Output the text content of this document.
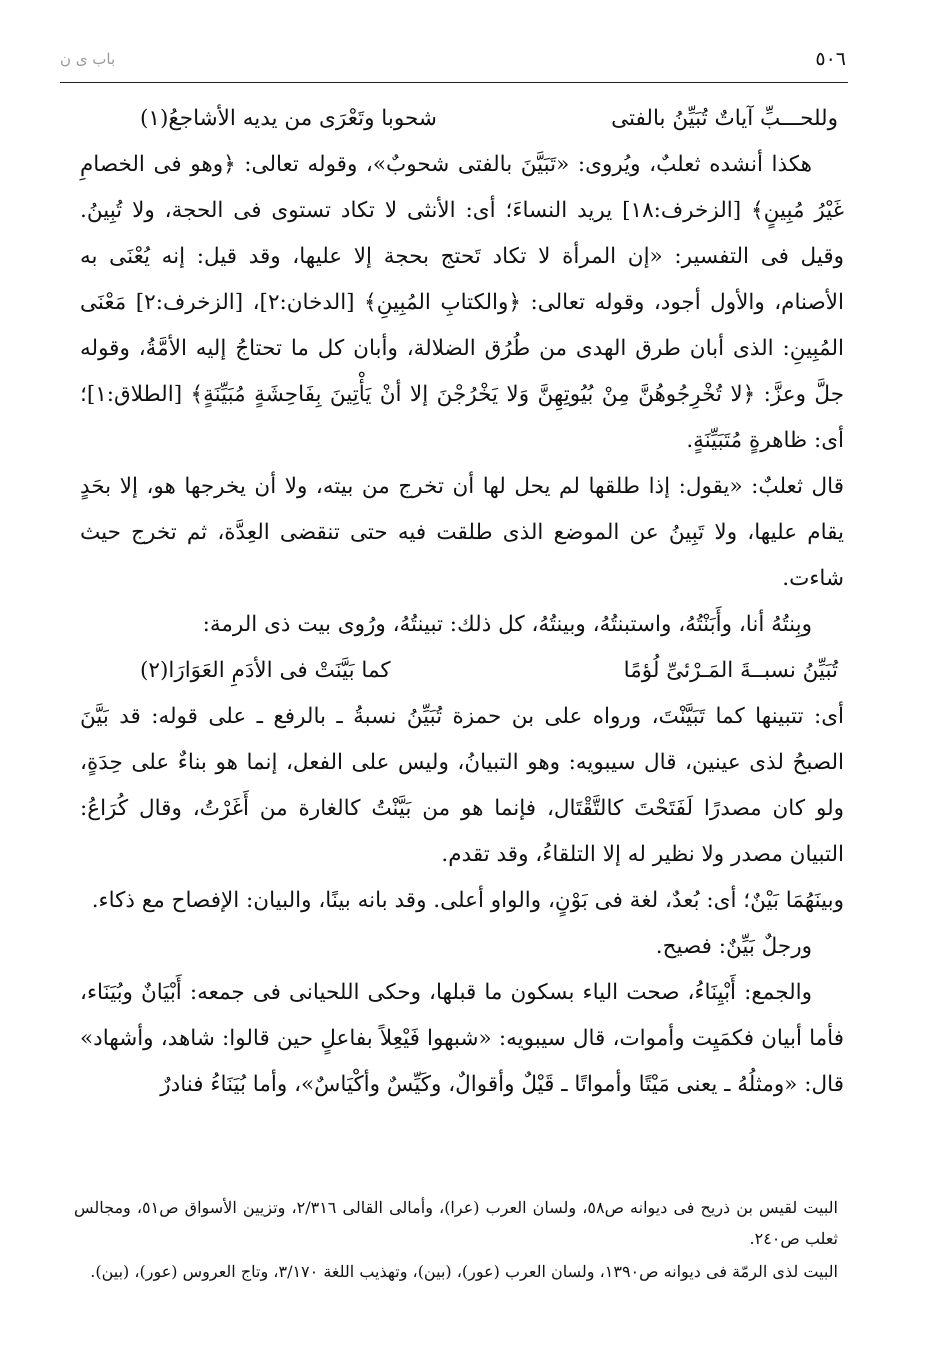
٥٠٦
باب ى ن
وللحـــبِّ آياتٌ تُبَيِّنُ بالفتى
شحوبا وتَعْرَى من يديه الأشاجعُ(١)

هكذا أنشده ثعلبٌ، ويُروى: «تَبَيَّنَ بالفتى شحوبٌ»، وقوله تعالى: ﴿وهو فى الخصامِ غَيْرُ مُبِينٍ﴾ [الزخرف:١٨] يريد النساءَ؛ أى: الأنثى لا تكاد تستوى فى الحجة، ولا تُبِينُ. وقيل فى التفسير: «إن المرأة لا تكاد تَحتج بحجة إلا عليها، وقد قيل: إنه يُعْنَى به الأصنام، والأول أجود، وقوله تعالى: ﴿والكتابِ المُبِينِ﴾ [الدخان:٢]، [الزخرف:٢] مَعْنَى المُبِينِ: الذى أبان طرق الهدى من طُرُق الضلالة، وأبان كل ما تحتاجُ إليه الأمَّةُ، وقوله جلَّ وعزَّ: ﴿لا تُخْرِجُوهُنَّ مِنْ بُيُوتِهِنَّ وَلا يَخْرُجْنَ إلا أنْ يَأْتِينَ بِفَاحِشَةٍ مُبَيِّنَةٍ﴾ [الطلاق:١]؛ أى: ظاهرةٍ مُتَبَيِّنَةٍ.

قال ثعلبٌ: «يقول: إذا طلقها لم يحل لها أن تخرج من بيته، ولا أن يخرجها هو، إلا بحَدٍ يقام عليها، ولا تَبِينُ عن الموضع الذى طلقت فيه حتى تنقضى العِدَّة، ثم تخرج حيث شاءت.

وبِنتُهُ أنا، وأَبَنْتُهُ، واستبنتُهُ، وبينتُهُ، كل ذلك: تبينتُهُ، ورُوى بيت ذى الرمة:

تُبَيِّنُ نسبــةَ المَـرْئىِّ لُؤمًا
كما بَيَّنَتْ فى الأدَمِ العَوَارَا(٢)

أى: تتبينها كما تَبَيَّنْتَ، ورواه على بن حمزة تُبَيِّنُ نسبةُ ـ بالرفع ـ على قوله: قد بَيَّنَ الصبحُ لذى عينين، قال سيبويه: وهو التبيانُ، وليس على الفعل، إنما هو بناءٌ على حِدَةٍ، ولو كان مصدرًا لَفَتَحْتَ كالتَّقْتَال، فإنما هو من بَيَّنْتُ كالغارة من أَغَرْتُ، وقال كُرَاعُ: التبيان مصدر ولا نظير له إلا التلقاءُ، وقد تقدم.

وبينَهُمَا بَيْنٌ؛ أى: بُعدٌ، لغة فى بَوْنٍ، والواو أعلى. وقد بانه بينًا، والبيان: الإفصاح مع ذكاء.

ورجلٌ بَيِّنٌ: فصيح.

والجمع: أَبْيِنَاءُ، صحت الياء بسكون ما قبلها، وحكى اللحيانى فى جمعه: أَبْيَانٌ وبُيَنَاء، فأما أبيان فكمَيِت وأموات، قال سيبويه: «شبهوا فَيْعِلاً بفاعلٍ حين قالوا: شاهد، وأشهاد» قال: «ومثلُهُ ـ يعنى مَيْتًا وأمواتًا ـ قَيْلٌ وأقوالٌ، وكَيِّسٌ وأكْيَاسٌ»، وأما بُيَنَاءُ فنادرٌ

البيت لقيس بن ذريح فى ديوانه ص٥٨، ولسان العرب (عرا)، وأمالى القالى ٢/٣١٦، وتزيين الأسواق ص٥١، ومجالس ثعلب ص٢٤٠.

البيت لذى الرمّة فى ديوانه ص١٣٩٠، ولسان العرب (عور)، (بين)، وتهذيب اللغة ٣/١٧٠، وتاج العروس (عور)، (بين).
